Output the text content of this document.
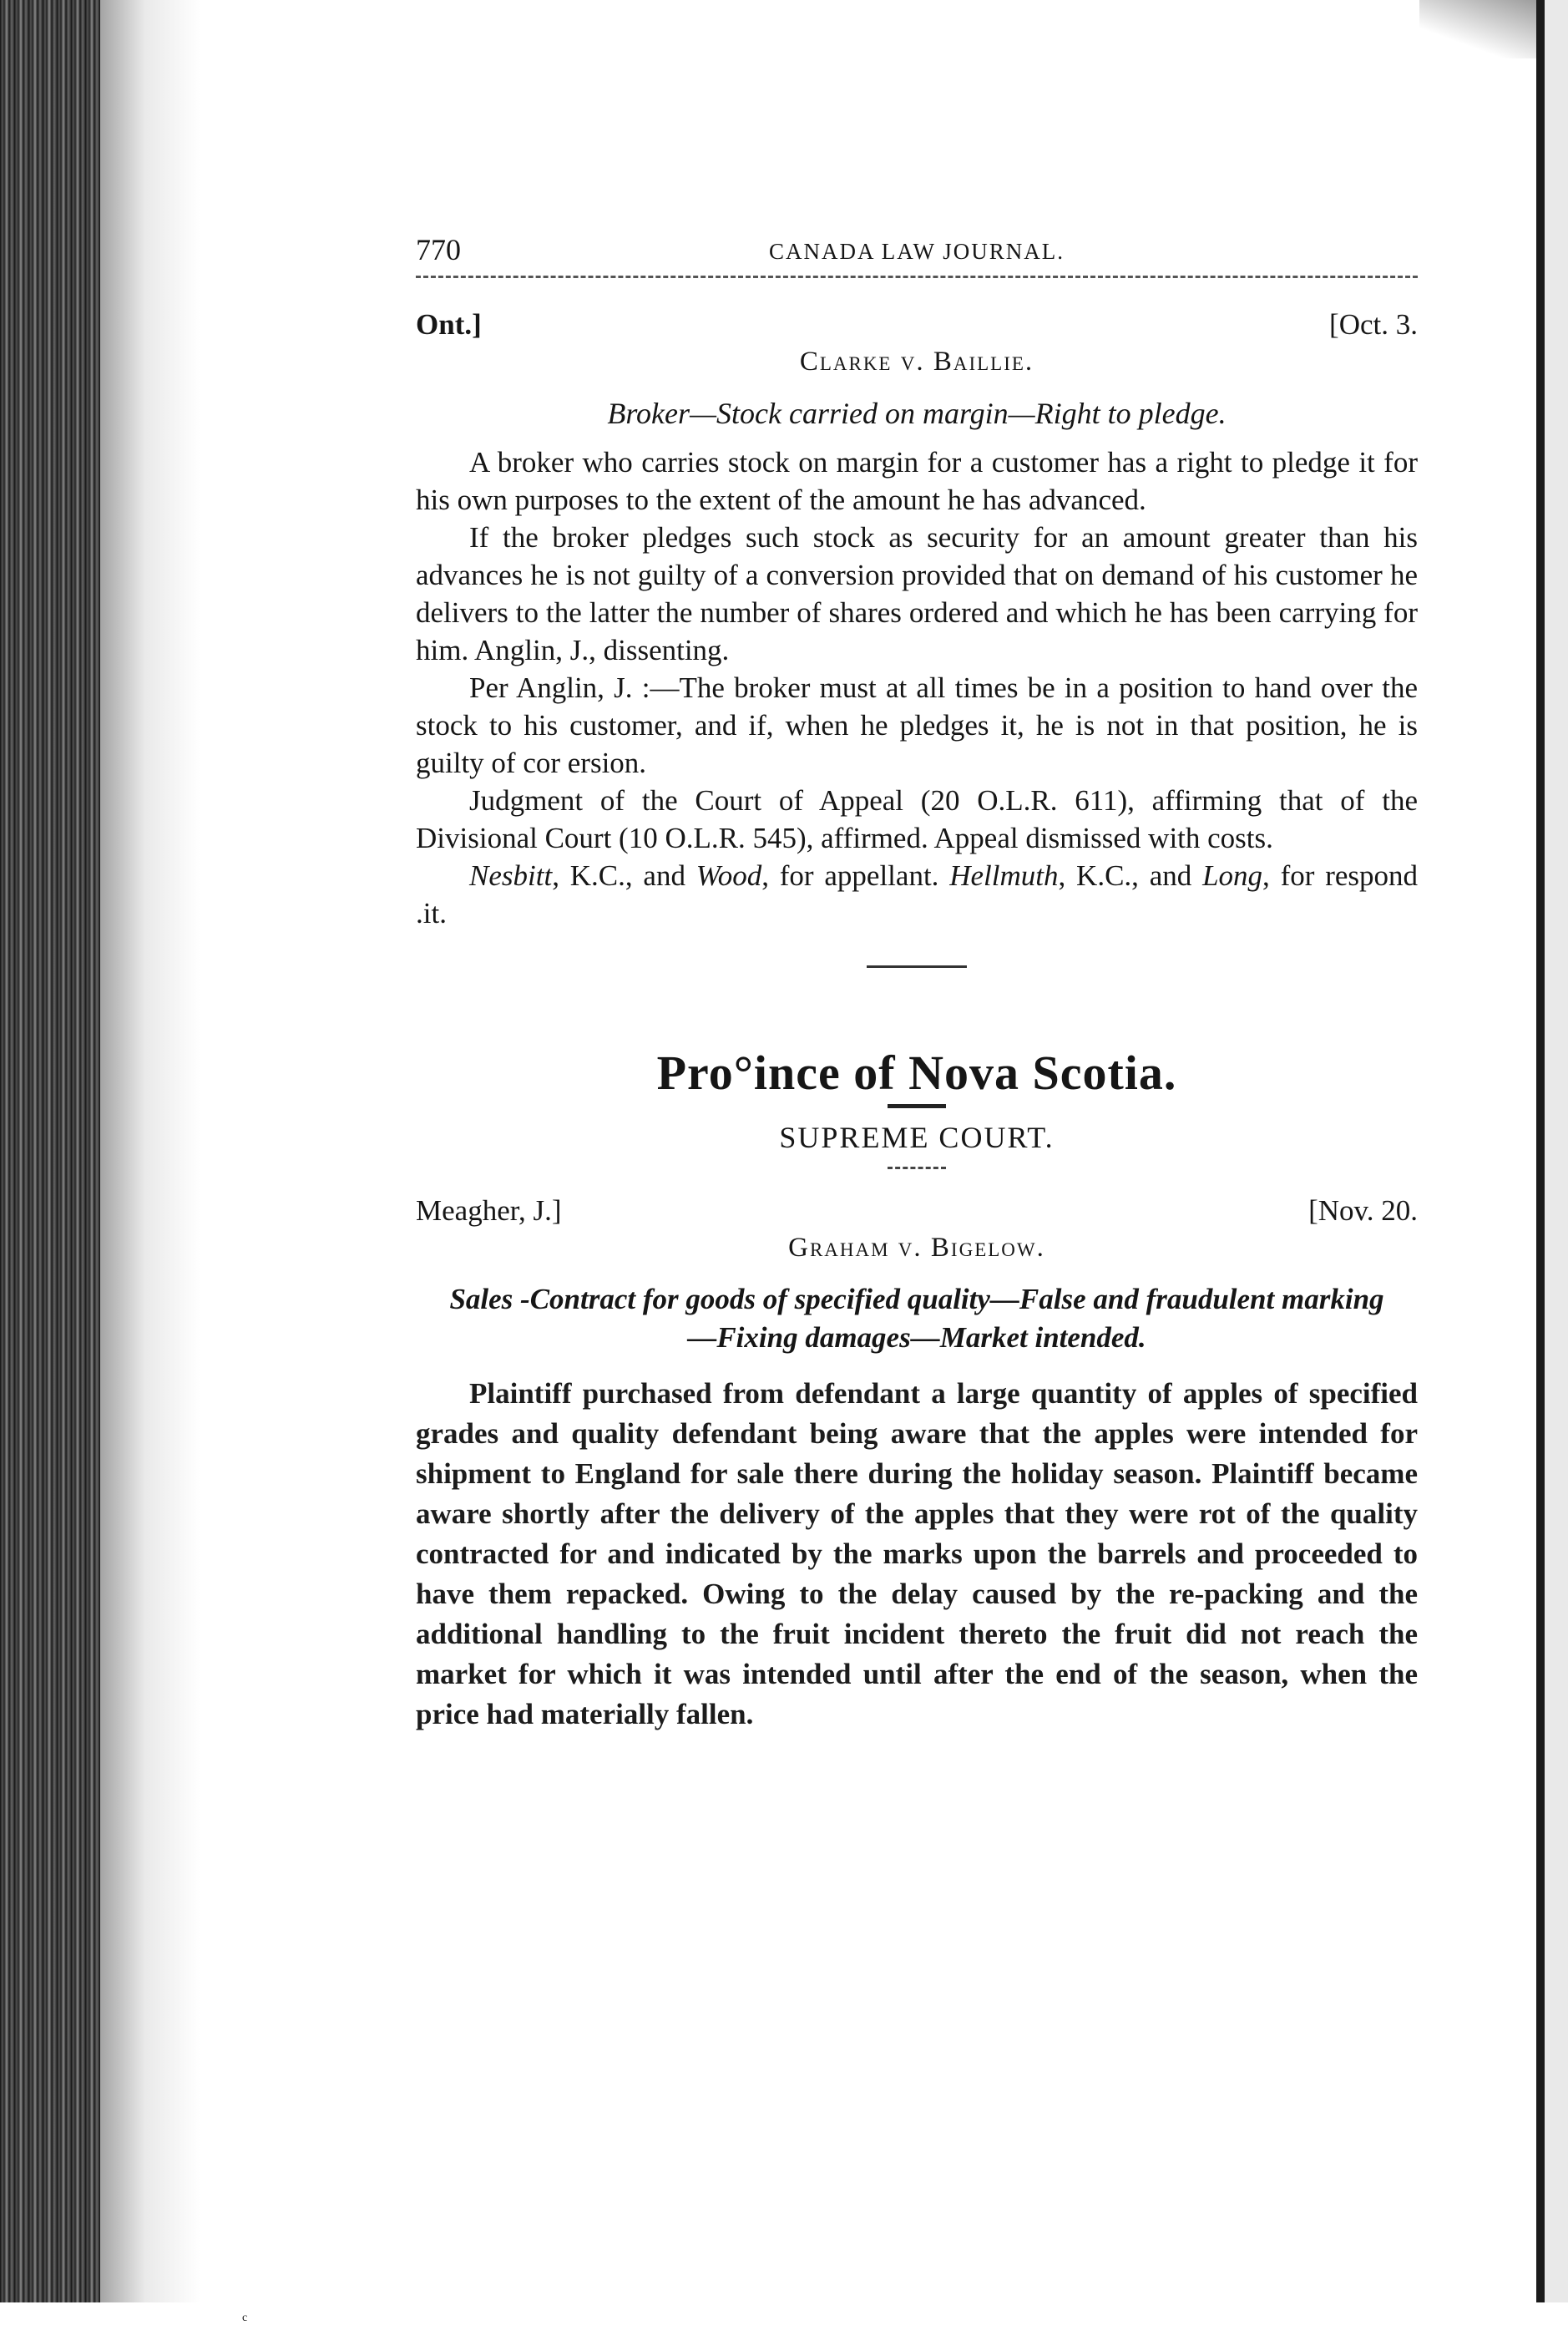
770	CANADA LAW JOURNAL.
Ont.]	[Oct. 3.
Clarke v. Baillie.
Broker—Stock carried on margin—Right to pledge.

A broker who carries stock on margin for a customer has a right to pledge it for his own purposes to the extent of the amount he has advanced.

If the broker pledges such stock as security for an amount greater than his advances he is not guilty of a conversion provided that on demand of his customer he delivers to the latter the number of shares ordered and which he has been carrying for him. Anglin, J., dissenting.

Per Anglin, J. :—The broker must at all times be in a position to hand over the stock to his customer, and if, when he pledges it, he is not in that position, he is guilty of cor ersion.

Judgment of the Court of Appeal (20 O.L.R. 611), affirming that of the Divisional Court (10 O.L.R. 545), affirmed. Appeal dismissed with costs.

Nesbitt, K.C., and Wood, for appellant. Hellmuth, K.C., and Long, for respond .it.

Pro°ince of Nova Scotia.
SUPREME COURT.
Meagher, J.]	[Nov. 20.
Graham v. Bigelow.
Sales -Contract for goods of specified quality—False and fraudulent marking—Fixing damages—Market intended.

Plaintiff purchased from defendant a large quantity of apples of specified grades and quality defendant being aware that the apples were intended for shipment to England for sale there during the holiday season. Plaintiff became aware shortly after the delivery of the apples that they were rot of the quality contracted for and indicated by the marks upon the barrels and proceeded to have them repacked. Owing to the delay caused by the re-packing and the additional handling to the fruit incident thereto the fruit did not reach the market for which it was intended until after the end of the season, when the price had materially fallen.

c
